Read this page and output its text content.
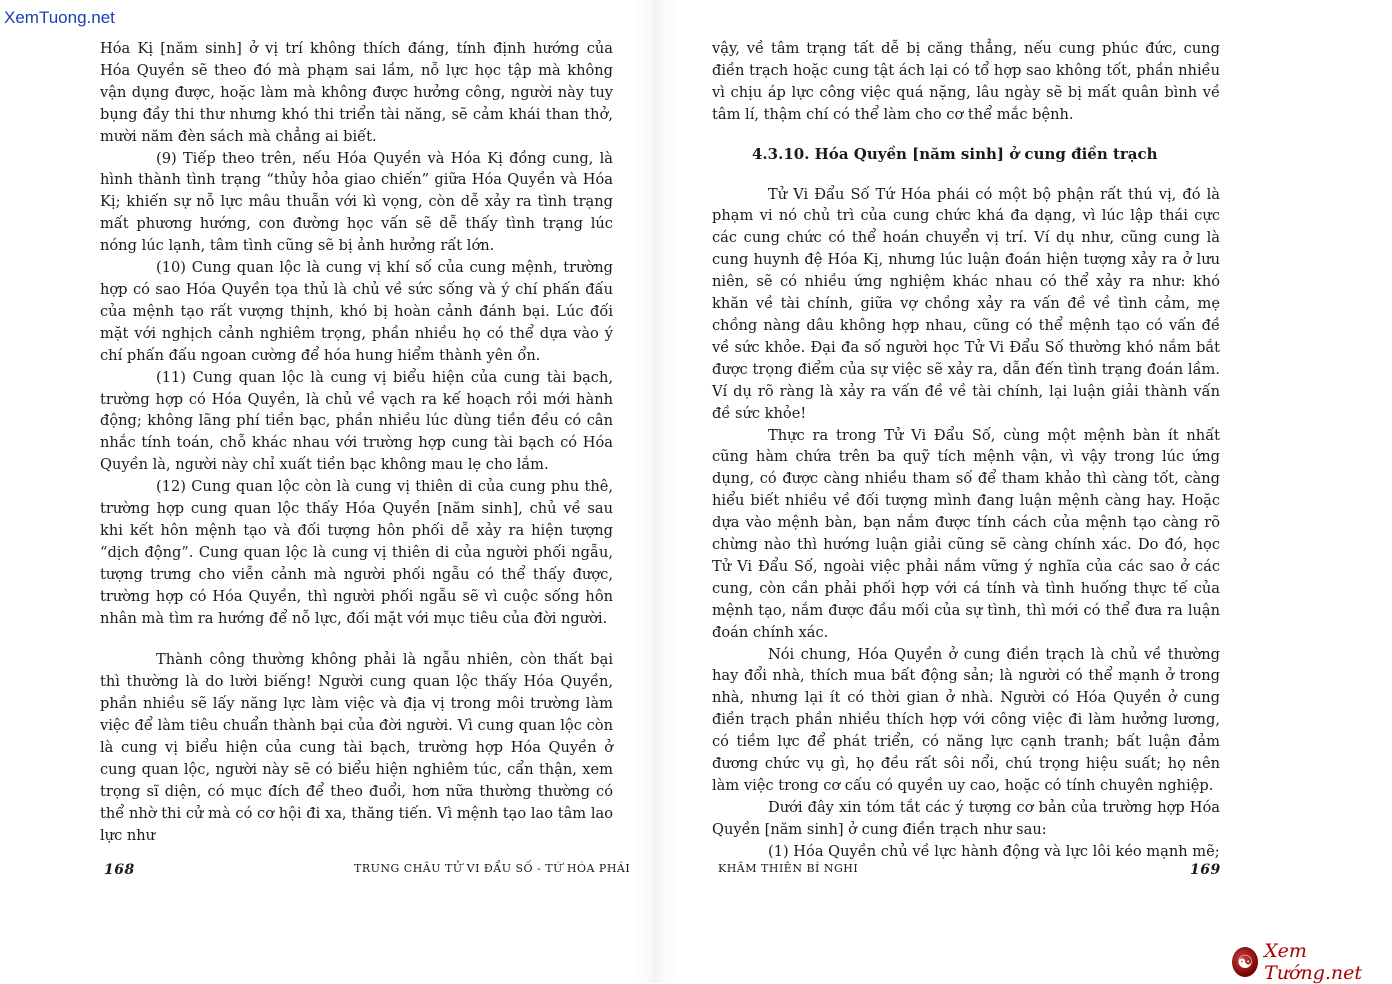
XemTuong.net

Hóa Kị [năm sinh] ở vị trí không thích đáng, tính định hướng của Hóa Quyền sẽ theo đó mà phạm sai lầm, nỗ lực học tập mà không vận dụng được, hoặc làm mà không được hưởng công, người này tuy bụng đầy thi thư nhưng khó thi triển tài năng, sẽ cảm khái than thở, mười năm đèn sách mà chẳng ai biết.

(9) Tiếp theo trên, nếu Hóa Quyền và Hóa Kị đồng cung, là hình thành tình trạng “thủy hỏa giao chiến” giữa Hóa Quyền và Hóa Kị; khiến sự nỗ lực mâu thuẫn với kì vọng, còn dễ xảy ra tình trạng mất phương hướng, con đường học vấn sẽ dễ thấy tình trạng lúc nóng lúc lạnh, tâm tình cũng sẽ bị ảnh hưởng rất lớn.

(10) Cung quan lộc là cung vị khí số của cung mệnh, trường hợp có sao Hóa Quyền tọa thủ là chủ về sức sống và ý chí phấn đấu của mệnh tạo rất vượng thịnh, khó bị hoàn cảnh đánh bại. Lúc đối mặt với nghịch cảnh nghiêm trọng, phần nhiều họ có thể dựa vào ý chí phấn đấu ngoan cường để hóa hung hiểm thành yên ổn.

(11) Cung quan lộc là cung vị biểu hiện của cung tài bạch, trường hợp có Hóa Quyền, là chủ về vạch ra kế hoạch rồi mới hành động; không lãng phí tiền bạc, phần nhiều lúc dùng tiền đều có cân nhắc tính toán, chỗ khác nhau với trường hợp cung tài bạch có Hóa Quyền là, người này chỉ xuất tiền bạc không mau lẹ cho lắm.

(12) Cung quan lộc còn là cung vị thiên di của cung phu thê, trường hợp cung quan lộc thấy Hóa Quyền [năm sinh], chủ về sau khi kết hôn mệnh tạo và đối tượng hôn phối dễ xảy ra hiện tượng “dịch động”. Cung quan lộc là cung vị thiên di của người phối ngẫu, tượng trưng cho viễn cảnh mà người phối ngẫu có thể thấy được, trường hợp có Hóa Quyền, thì người phối ngẫu sẽ vì cuộc sống hôn nhân mà tìm ra hướng để nỗ lực, đối mặt với mục tiêu của đời người.

Thành công thường không phải là ngẫu nhiên, còn thất bại thì thường là do lười biếng! Người cung quan lộc thấy Hóa Quyền, phần nhiều sẽ lấy năng lực làm việc và địa vị trong môi trường làm việc để làm tiêu chuẩn thành bại của đời người. Vì cung quan lộc còn là cung vị biểu hiện của cung tài bạch, trường hợp Hóa Quyền ở cung quan lộc, người này sẽ có biểu hiện nghiêm túc, cẩn thận, xem trọng sĩ diện, có mục đích để theo đuổi, hơn nữa thường thường có thể nhờ thi cử mà có cơ hội đi xa, thăng tiến. Vì mệnh tạo lao tâm lao lực như

168	TRUNG CHÂU TỬ VI ĐẨU SỐ - TỨ HÓA PHÁI

vậy, về tâm trạng tất dễ bị căng thẳng, nếu cung phúc đức, cung điền trạch hoặc cung tật ách lại có tổ hợp sao không tốt, phần nhiều vì chịu áp lực công việc quá nặng, lâu ngày sẽ bị mất quân bình về tâm lí, thậm chí có thể làm cho cơ thể mắc bệnh.

4.3.10. Hóa Quyền [năm sinh] ở cung điền trạch

Tử Vi Đẩu Số Tứ Hóa phái có một bộ phận rất thú vị, đó là phạm vi nó chủ trì của cung chức khá đa dạng, vì lúc lập thái cực các cung chức có thể hoán chuyển vị trí. Ví dụ như, cũng cung là cung huynh đệ Hóa Kị, nhưng lúc luận đoán hiện tượng xảy ra ở lưu niên, sẽ có nhiều ứng nghiệm khác nhau có thể xảy ra như: khó khăn về tài chính, giữa vợ chồng xảy ra vấn đề về tình cảm, mẹ chồng nàng dâu không hợp nhau, cũng có thể mệnh tạo có vấn đề về sức khỏe. Đại đa số người học Tử Vi Đẩu Số thường khó nắm bắt được trọng điểm của sự việc sẽ xảy ra, dẫn đến tình trạng đoán lầm. Ví dụ rõ ràng là xảy ra vấn đề về tài chính, lại luận giải thành vấn đề sức khỏe!

Thực ra trong Tử Vi Đẩu Số, cùng một mệnh bàn ít nhất cũng hàm chứa trên ba quỹ tích mệnh vận, vì vậy trong lúc ứng dụng, có được càng nhiều tham số để tham khảo thì càng tốt, càng hiểu biết nhiều về đối tượng mình đang luận mệnh càng hay. Hoặc dựa vào mệnh bàn, bạn nắm được tính cách của mệnh tạo càng rõ chừng nào thì hướng luận giải cũng sẽ càng chính xác. Do đó, học Tử Vi Đẩu Số, ngoài việc phải nắm vững ý nghĩa của các sao ở các cung, còn cần phải phối hợp với cá tính và tình huống thực tế của mệnh tạo, nắm được đầu mối của sự tình, thì mới có thể đưa ra luận đoán chính xác.

Nói chung, Hóa Quyền ở cung điền trạch là chủ về thường hay đổi nhà, thích mua bất động sản; là người có thể mạnh ở trong nhà, nhưng lại ít có thời gian ở nhà. Người có Hóa Quyền ở cung điền trạch phần nhiều thích hợp với công việc đi làm hưởng lương, có tiềm lực để phát triển, có năng lực cạnh tranh; bất luận đảm đương chức vụ gì, họ đều rất sôi nổi, chú trọng hiệu suất; họ nên làm việc trong cơ cấu có quyền uy cao, hoặc có tính chuyên nghiệp.

Dưới đây xin tóm tắt các ý tượng cơ bản của trường hợp Hóa Quyền [năm sinh] ở cung điền trạch như sau:

(1) Hóa Quyền chủ về lực hành động và lực lôi kéo mạnh mẽ;

KHÂM THIÊN BÍ NGHI	169
☯ Xem Tướng.net
